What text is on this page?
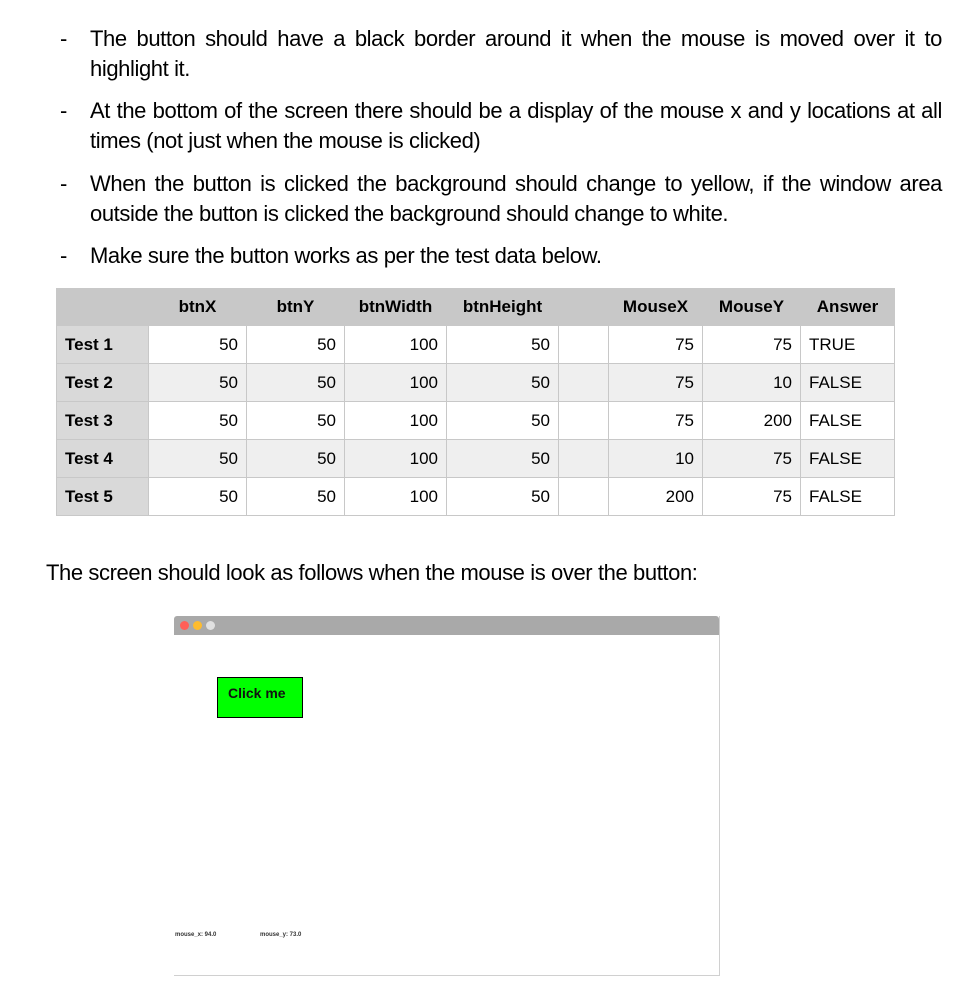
- The button should have a black border around it when the mouse is moved over it to highlight it.
- At the bottom of the screen there should be a display of the mouse x and y locations at all times (not just when the mouse is clicked)
- When the button is clicked the background should change to yellow, if the window area outside the button is clicked the background should change to white.
- Make sure the button works as per the test data below.
	btnX	btnY	btnWidth	btnHeight		MouseX	MouseY	Answer
Test 1	50	50	100	50		75	75	TRUE
Test 2	50	50	100	50		75	10	FALSE
Test 3	50	50	100	50		75	200	FALSE
Test 4	50	50	100	50		10	75	FALSE
Test 5	50	50	100	50		200	75	FALSE
The screen should look as follows when the mouse is over the button:
Click me
mouse_x: 94.0	mouse_y: 73.0
